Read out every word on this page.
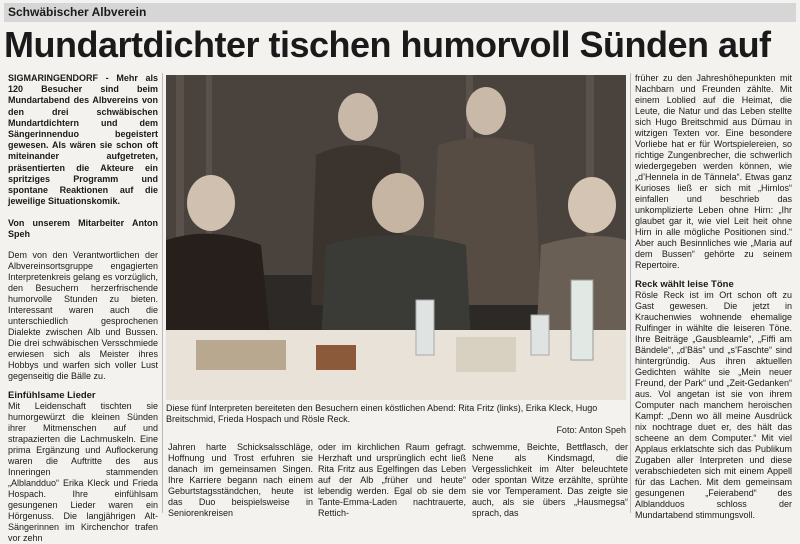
Schwäbischer Albverein
Mundartdichter tischen humorvoll Sünden auf

SIGMARINGENDORF - Mehr als 120 Besucher sind beim Mundartabend des Albvereins von den drei schwäbischen Mundartdichtern und dem Sängerinnenduo begeistert gewesen. Als wären sie schon oft miteinander aufgetreten, präsentierten die Akteure ein spritziges Programm und spontane Reaktionen auf die jeweilige Situationskomik.

Von unserem Mitarbeiter Anton Speh

Dem von den Verantwortlichen der Albvereinsortsgruppe engagierten Interpretenkreis gelang es vorzüglich, den Besuchern herzerfrischende humorvolle Stunden zu bieten. Interessant waren auch die unterschiedlich gesprochenen Dialekte zwischen Alb und Bussen. Die drei schwäbischen Versschmiede erwiesen sich als Meister ihres Hobbys und warfen sich voller Lust gegenseitig die Bälle zu.

Einfühlsame Lieder

Mit Leidenschaft tischten sie humorgewürzt die kleinen Sünden ihrer Mitmenschen auf und strapazierten die Lachmuskeln. Eine prima Ergänzung und Auflockerung waren die Auftritte des aus Inneringen stammenden „Alblandduo“ Erika Kleck und Frieda Hospach. Ihre einfühlsam gesungenen Lieder waren ein Hörgenuss. Die langjährigen Alt-Sängerinnen im Kirchenchor trafen vor zehn

Diese fünf Interpreten bereiteten den Besuchern einen köstlichen Abend: Rita Fritz (links), Erika Kleck, Hugo Breitschmid, Frieda Hospach und Rösle Reck.
Foto: Anton Speh
Jahren harte Schicksalsschläge, Hoffnung und Trost erfuhren sie danach im gemeinsamen Singen. Ihre Karriere begann nach einem Geburtstagsständchen, heute ist das Duo beispielsweise in Seniorenkreisen
oder im kirchlichen Raum gefragt. Herzhaft und ursprünglich echt ließ Rita Fritz aus Egelfingen das Leben auf der Alb „früher und heute“ lebendig werden. Egal ob sie dem Tante-Emma-Laden nachtrauerte, Rettich-
schwemme, Beichte, Bettflasch, der Nene als Kindsmagd, die Vergesslichkeit im Alter beleuchtete oder spontan Witze erzählte, sprühte sie vor Temperament. Das zeigte sie auch, als sie übers „Hausmegsa“ sprach, das

früher zu den Jahreshöhepunkten mit Nachbarn und Freunden zählte. Mit einem Loblied auf die Heimat, die Leute, die Natur und das Leben stellte sich Hugo Breitschmid aus Dürnau in witzigen Texten vor. Eine besondere Vorliebe hat er für Wortspielereien, so richtige Zungenbrecher, die schwerlich wiedergegeben werden können, wie „d’Hennela in de Tännela“. Etwas ganz Kurioses ließ er sich mit „Hirnlos“ einfallen und beschrieb das unkomplizierte Leben ohne Hirn: „Ihr glaubet gar it, wie viel Leit heit ohne Hirn in alle mögliche Positionen sind.“ Aber auch Besinnliches wie „Maria auf dem Bussen“ gehörte zu seinem Repertoire.

Reck wählt leise Töne

Rösle Reck ist im Ort schon oft zu Gast gewesen. Die jetzt in Krauchenwies wohnende ehemalige Rulfinger in wählte die leiseren Töne. Ihre Beiträge „Gausbleamle“, „Fiffi am Bändele“, „d’Bäs“ und „s’Faschte“ sind hintergründig. Aus ihren aktuellen Gedichten wählte sie „Mein neuer Freund, der Park“ und „Zeit-Gedanken“ aus. Vol angetan ist sie von ihrem Computer nach manchem heroischen Kampf: „Denn wo äll meine Ausdrück nix nochtrage duet er, des hält das scheene an dem Computer.“ Mit viel Applaus erklatschte sich das Publikum Zugaben aller Interpreten und diese verabschiedeten sich mit einem Appell für das Lachen. Mit dem gemeinsam gesungenen „Feierabend“ des Alblandduos schloss der Mundartabend stimmungsvoll.
